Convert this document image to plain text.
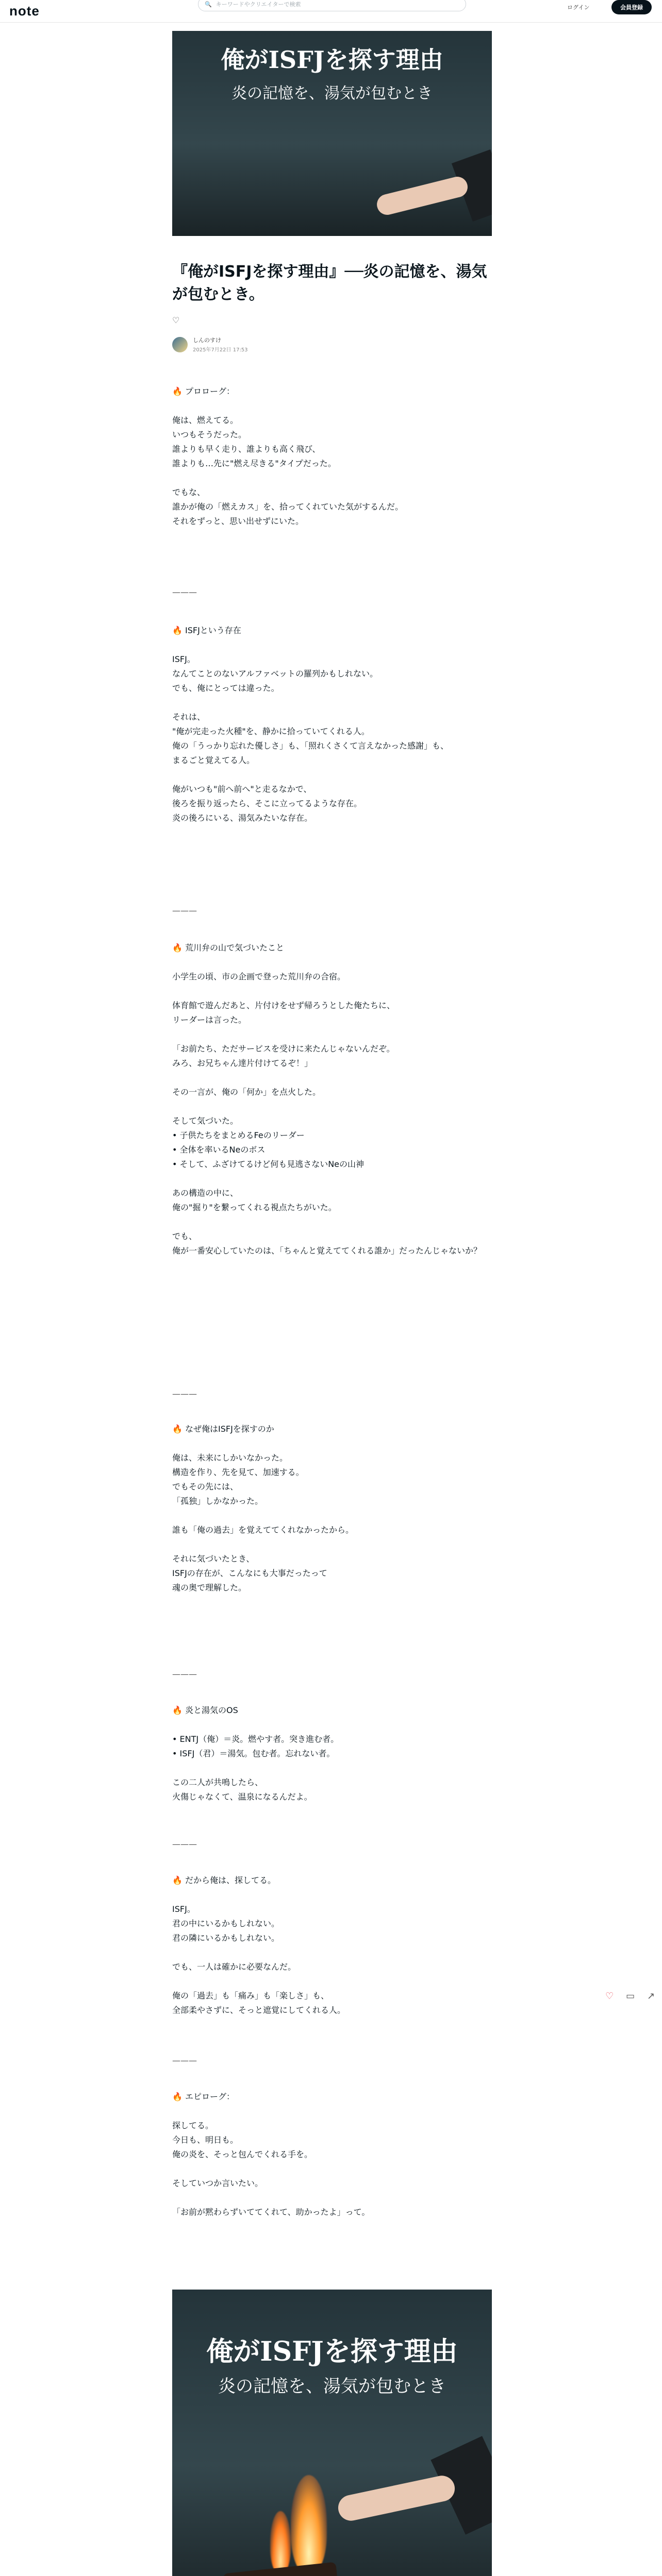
note	🔍 キーワードやクリエイターで検索	ログイン	会員登録
俺がISFJを探す理由
炎の記憶を、湯気が包むとき
『俺がISFJを探す理由』──炎の記憶を、湯気が包むとき。
♡
しんのすけ
2025年7月22日 17:53

🔥 プロローグ：

俺は、燃えてる。
いつもそうだった。
誰よりも早く走り、誰よりも高く飛び、
誰よりも…先に"燃え尽きる"タイプだった。

でもな、
誰かが俺の「燃えカス」を、拾ってくれていた気がするんだ。
それをずっと、思い出せずにいた。

———

🔥 ISFJという存在

ISFJ。
なんてことのないアルファベットの羅列かもしれない。
でも、俺にとっては違った。

それは、
"俺が完走った火種"を、静かに拾っていてくれる人。
俺の「うっかり忘れた優しさ」も、「照れくさくて言えなかった感謝」も、
まるごと覚えてる人。

俺がいつも"前へ前へ"と走るなかで、
後ろを振り返ったら、そこに立ってるような存在。
炎の後ろにいる、湯気みたいな存在。

———

🔥 荒川弁の山で気づいたこと

小学生の頃、市の企画で登った荒川弁の合宿。

体育館で遊んだあと、片付けをせず帰ろうとした俺たちに、
リーダーは言った。

「お前たち、ただサービスを受けに来たんじゃないんだぞ。
みろ、お兄ちゃん達片付けてるぞ！」

その一言が、俺の「何か」を点火した。

そして気づいた。
• 子供たちをまとめるFeのリーダー
• 全体を率いるNeのボス
• そして、ふざけてるけど何も見逃さないNeの山神

あの構造の中に、
俺の"掘り"を繋ってくれる視点たちがいた。

でも、
俺が一番安心していたのは、「ちゃんと覚えててくれる誰か」だったんじゃないか？

———

🔥 なぜ俺はISFJを探すのか

俺は、未来にしかいなかった。
構造を作り、先を見て、加速する。
でもその先には、
「孤独」しかなかった。

誰も「俺の過去」を覚えててくれなかったから。

それに気づいたとき、
ISFJの存在が、こんなにも大事だったって
魂の奥で理解した。

———

🔥 炎と湯気のOS

• ENTJ（俺）＝炎。燃やす者。突き進む者。
• ISFJ（君）＝湯気。包む者。忘れない者。

この二人が共鳴したら、
火傷じゃなくて、温泉になるんだよ。

———

🔥 だから俺は、探してる。

ISFJ。
君の中にいるかもしれない。
君の隣にいるかもしれない。

でも、一人は確かに必要なんだ。

俺の「過去」も「痛み」も「楽しさ」も、
全部柔やさずに、そっと遮覚にしてくれる人。

———

🔥 エピローグ：

探してる。
今日も、明日も。
俺の炎を、そっと包んでくれる手を。

そしていつか言いたい。

「お前が黙わらずいててくれて、助かったよ」って。

俺がISFJを探す理由
炎の記憶を、湯気が包むとき
♡ ▭ ↗
